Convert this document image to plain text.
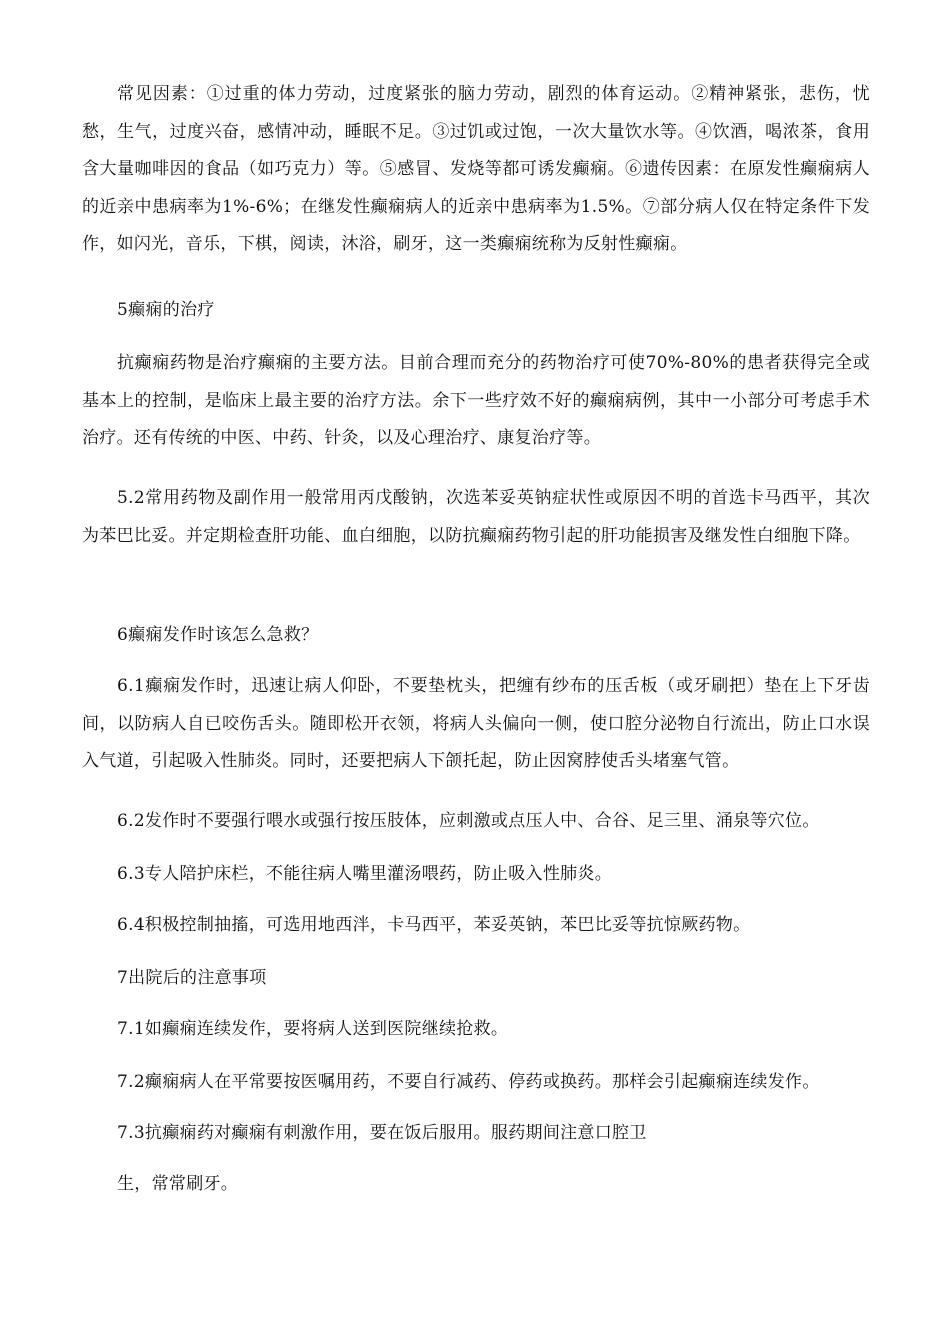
常见因素：①过重的体力劳动，过度紧张的脑力劳动，剧烈的体育运动。②精神紧张，悲伤，忧愁，生气，过度兴奋，感情冲动，睡眠不足。③过饥或过饱，一次大量饮水等。④饮酒，喝浓茶，食用含大量咖啡因的食品（如巧克力）等。⑤感冒、发烧等都可诱发癫痫。⑥遗传因素：在原发性癫痫病人的近亲中患病率为1%-6%；在继发性癫痫病人的近亲中患病率为1.5%。⑦部分病人仅在特定条件下发作，如闪光，音乐，下棋，阅读，沐浴，刷牙，这一类癫痫统称为反射性癫痫。

5癫痫的治疗

抗癫痫药物是治疗癫痫的主要方法。目前合理而充分的药物治疗可使70%-80%的患者获得完全或基本上的控制，是临床上最主要的治疗方法。余下一些疗效不好的癫痫病例，其中一小部分可考虑手术治疗。还有传统的中医、中药、针灸，以及心理治疗、康复治疗等。

5.2常用药物及副作用一般常用丙戊酸钠，次选苯妥英钠症状性或原因不明的首选卡马西平，其次为苯巴比妥。并定期检查肝功能、血白细胞，以防抗癫痫药物引起的肝功能损害及继发性白细胞下降。

6癫痫发作时该怎么急救？

6.1癫痫发作时，迅速让病人仰卧，不要垫枕头，把缠有纱布的压舌板（或牙刷把）垫在上下牙齿间，以防病人自已咬伤舌头。随即松开衣领，将病人头偏向一侧，使口腔分泌物自行流出，防止口水误入气道，引起吸入性肺炎。同时，还要把病人下颌托起，防止因窝脖使舌头堵塞气管。

6.2发作时不要强行喂水或强行按压肢体，应刺激或点压人中、合谷、足三里、涌泉等穴位。

6.3专人陪护床栏，不能往病人嘴里灌汤喂药，防止吸入性肺炎。

6.4积极控制抽搐，可选用地西泮，卡马西平，苯妥英钠，苯巴比妥等抗惊厥药物。

7出院后的注意事项

7.1如癫痫连续发作，要将病人送到医院继续抢救。

7.2癫痫病人在平常要按医嘱用药，不要自行减药、停药或换药。那样会引起癫痫连续发作。

7.3抗癫痫药对癫痫有刺激作用，要在饭后服用。服药期间注意口腔卫

生，常常刷牙。
